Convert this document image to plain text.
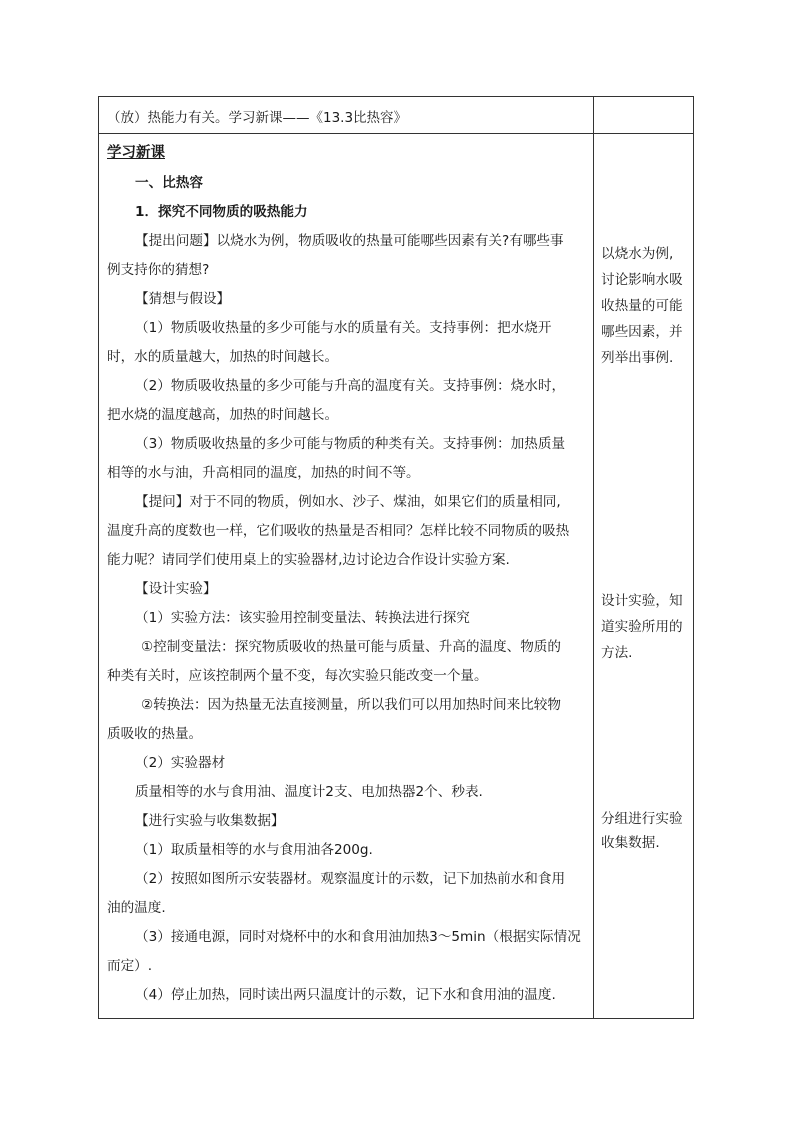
（放）热能力有关。学习新课——《13.3比热容》
学习新课
一、比热容
1．探究不同物质的吸热能力
【提出问题】以烧水为例，物质吸收的热量可能哪些因素有关?有哪些事
例支持你的猜想?
【猜想与假设】
（1）物质吸收热量的多少可能与水的质量有关。支持事例：把水烧开
时，水的质量越大，加热的时间越长。
（2）物质吸收热量的多少可能与升高的温度有关。支持事例：烧水时，
把水烧的温度越高，加热的时间越长。
（3）物质吸收热量的多少可能与物质的种类有关。支持事例：加热质量
相等的水与油，升高相同的温度，加热的时间不等。
【提问】对于不同的物质，例如水、沙子、煤油，如果它们的质量相同,
温度升高的度数也一样，它们吸收的热量是否相同？怎样比较不同物质的吸热
能力呢？请同学们使用桌上的实验器材,边讨论边合作设计实验方案.
【设计实验】
（1）实验方法：该实验用控制变量法、转换法进行探究
①控制变量法：探究物质吸收的热量可能与质量、升高的温度、物质的
种类有关时，应该控制两个量不变，每次实验只能改变一个量。
②转换法：因为热量无法直接测量，所以我们可以用加热时间来比较物
质吸收的热量。
（2）实验器材
质量相等的水与食用油、温度计2支、电加热器2个、秒表.
【进行实验与收集数据】
（1）取质量相等的水与食用油各200g.
（2）按照如图所示安装器材。观察温度计的示数，记下加热前水和食用
油的温度.
（3）接通电源，同时对烧杯中的水和食用油加热3～5min（根据实际情况
而定）.
（4）停止加热，同时读出两只温度计的示数，记下水和食用油的温度.
以烧水为例,
讨论影响水吸
收热量的可能
哪些因素，并
列举出事例.
设计实验，知
道实验所用的
方法.
分组进行实验
收集数据.
